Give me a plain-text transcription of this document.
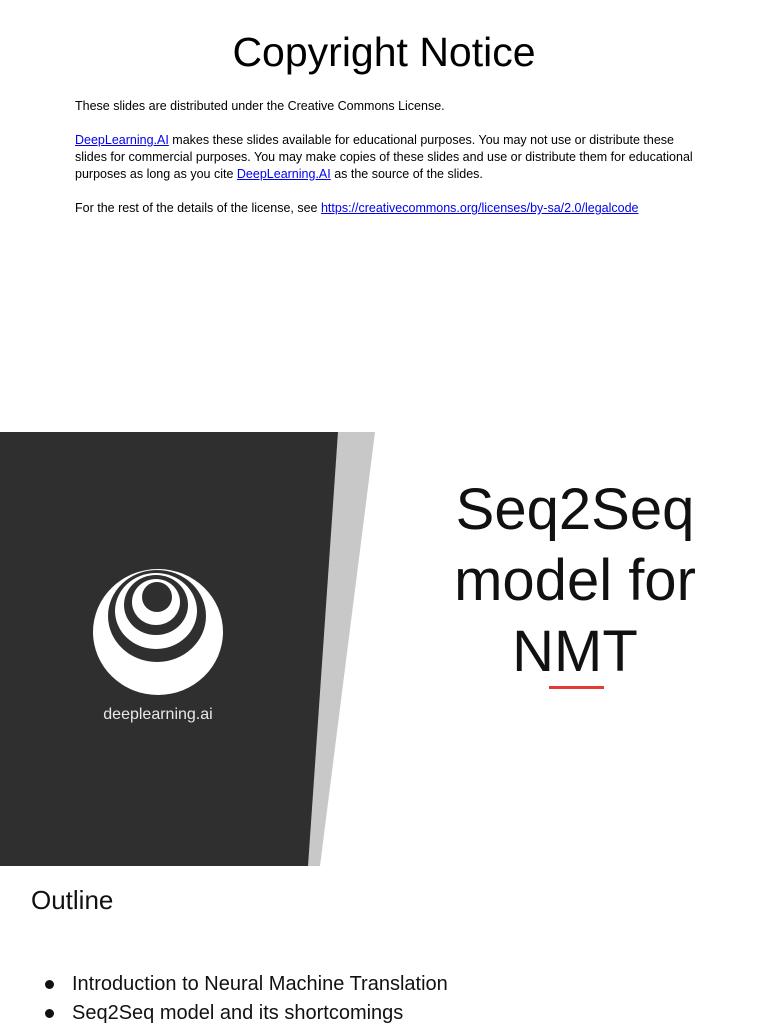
Copyright Notice

These slides are distributed under the Creative Commons License.

DeepLearning.AI makes these slides available for educational purposes. You may not use or distribute these slides for commercial purposes. You may make copies of these slides and use or distribute them for educational purposes as long as you cite DeepLearning.AI as the source of the slides.

For the rest of the details of the license, see https://creativecommons.org/licenses/by-sa/2.0/legalcode

deeplearning.ai
Seq2Seq
model for
NMT
Outline
Introduction to Neural Machine Translation
Seq2Seq model and its shortcomings
